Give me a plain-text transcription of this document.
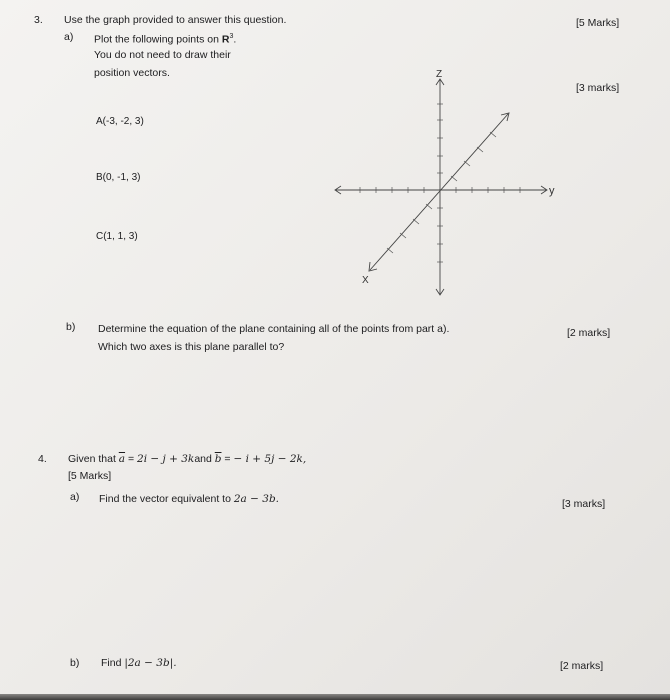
3. Use the graph provided to answer this question.	[5 Marks]
a) Plot the following points on $R^3$.
You do not need to draw their
position vectors.
[3 marks]
A(-3, -2, 3)
B(0, -1, 3)
C(1, 1, 3)
Z
y
X
b) Determine the equation of the plane containing all of the points from part a).
Which two axes is this plane parallel to?
[2 marks]
4. Given that $\overline{a} = 2i - j$ + 3kand $\overline{b}$ = − i + 5j − 2k,
[5 Marks]
a) Find the vector equivalent to 2a − 3b.	[3 marks]
b) Find |2a − 3b|.	[2 marks]
